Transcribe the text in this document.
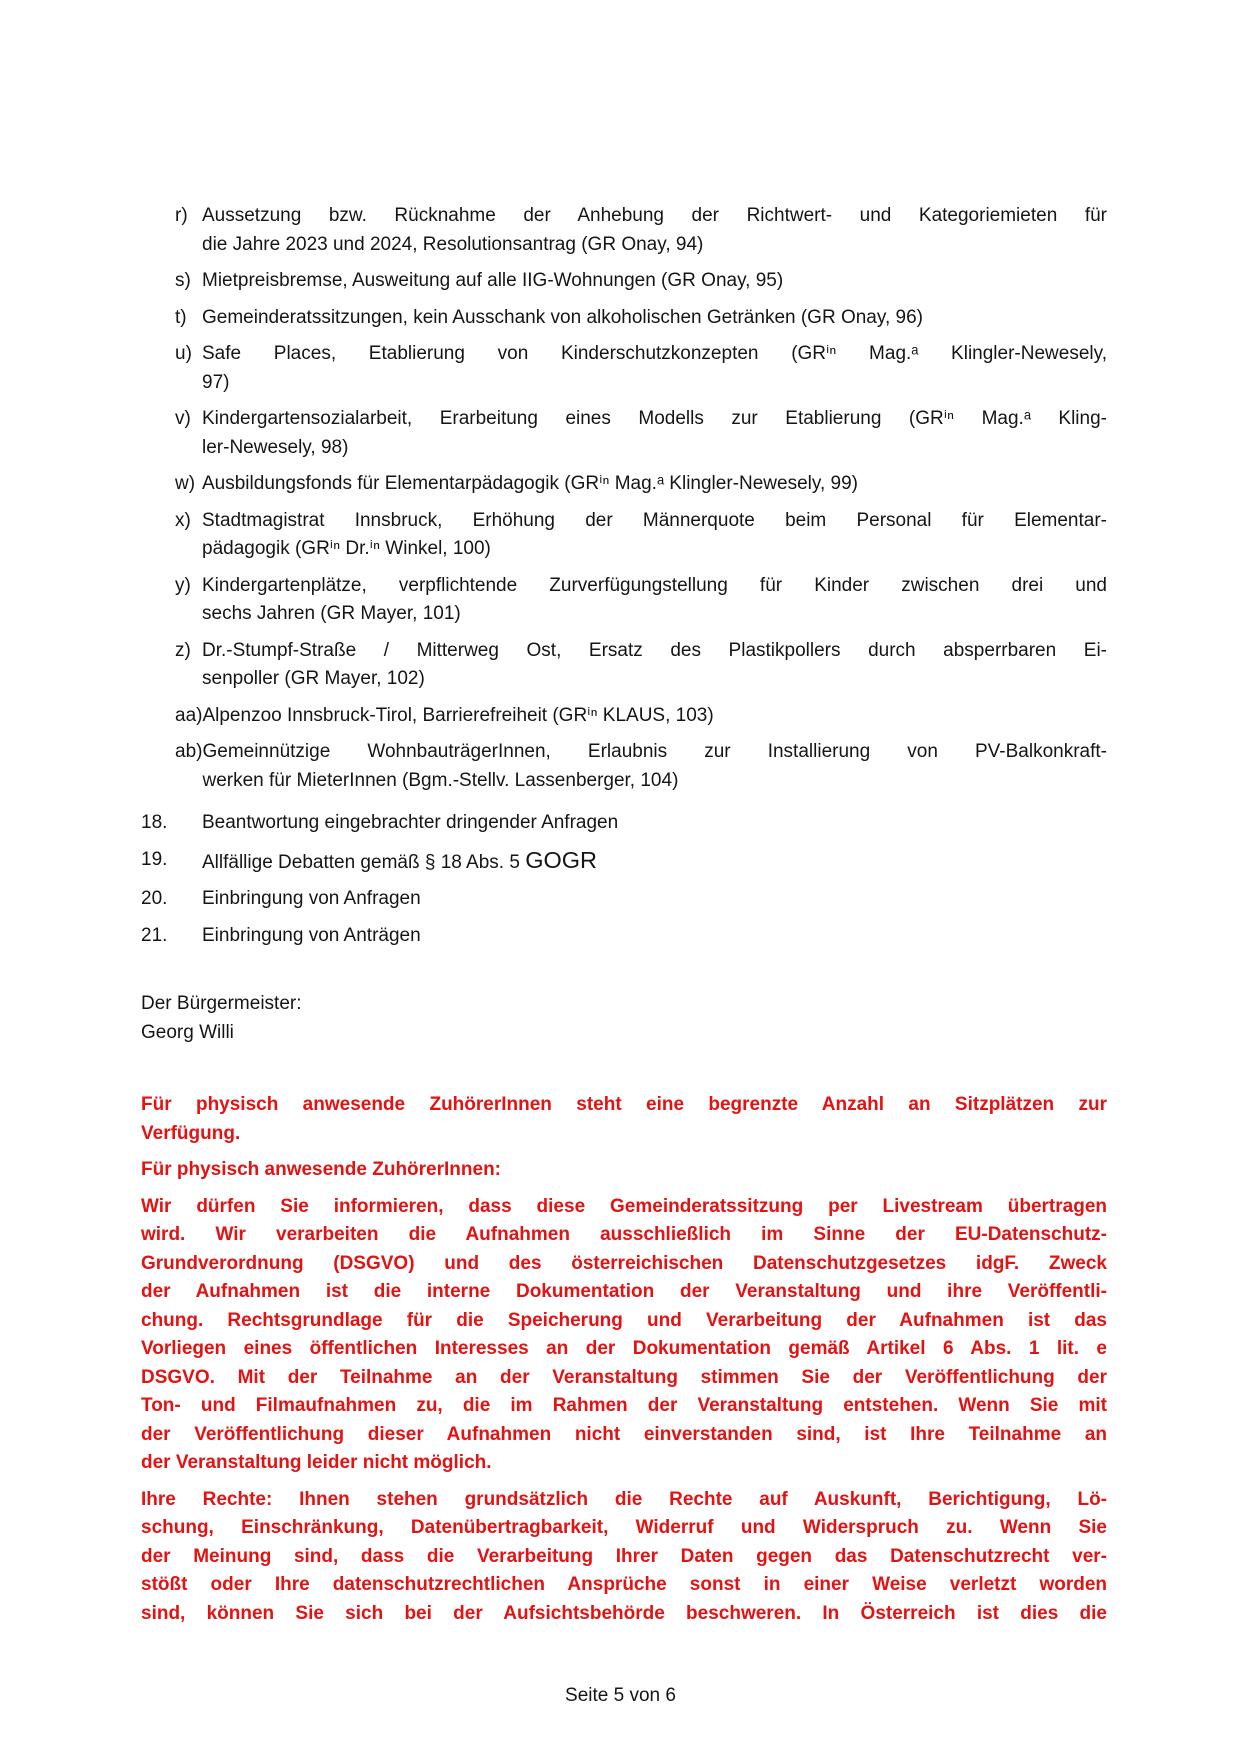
r) Aussetzung bzw. Rücknahme der Anhebung der Richtwert- und Kategoriemieten für
die Jahre 2023 und 2024, Resolutionsantrag (GR Onay, 94)
s) Mietpreisbremse, Ausweitung auf alle IIG-Wohnungen (GR Onay, 95)
t) Gemeinderatssitzungen, kein Ausschank von alkoholischen Getränken (GR Onay, 96)
u) Safe Places, Etablierung von Kinderschutzkonzepten (GRⁱⁿ Mag.ᵃ Klingler-Newesely,
97)
v) Kindergartensozialarbeit, Erarbeitung eines Modells zur Etablierung (GRⁱⁿ Mag.ᵃ Kling-
ler-Newesely, 98)
w) Ausbildungsfonds für Elementarpädagogik (GRⁱⁿ Mag.ᵃ Klingler-Newesely, 99)
x) Stadtmagistrat Innsbruck, Erhöhung der Männerquote beim Personal für Elementar-
pädagogik (GRⁱⁿ Dr.ⁱⁿ Winkel, 100)
y) Kindergartenplätze, verpflichtende Zurverfügungstellung für Kinder zwischen drei und
sechs Jahren (GR Mayer, 101)
z) Dr.-Stumpf-Straße / Mitterweg Ost, Ersatz des Plastikpollers durch absperrbaren Ei-
senpoller (GR Mayer, 102)
aa) Alpenzoo Innsbruck-Tirol, Barrierefreiheit (GRⁱⁿ KLAUS, 103)
ab) Gemeinnützige WohnbauträgerInnen, Erlaubnis zur Installierung von PV-Balkonkraft-
werken für MieterInnen (Bgm.-Stellv. Lassenberger, 104)
18.	Beantwortung eingebrachter dringender Anfragen
19.	Allfällige Debatten gemäß § 18 Abs. 5 GOGR
20.	Einbringung von Anfragen
21.	Einbringung von Anträgen
Der Bürgermeister:
Georg Willi
Für physisch anwesende ZuhörerInnen steht eine begrenzte Anzahl an Sitzplätzen zur
Verfügung.
Für physisch anwesende ZuhörerInnen:
Wir dürfen Sie informieren, dass diese Gemeinderatssitzung per Livestream übertragen
wird. Wir verarbeiten die Aufnahmen ausschließlich im Sinne der EU-Datenschutz-
Grundverordnung (DSGVO) und des österreichischen Datenschutzgesetzes idgF. Zweck
der Aufnahmen ist die interne Dokumentation der Veranstaltung und ihre Veröffentli-
chung. Rechtsgrundlage für die Speicherung und Verarbeitung der Aufnahmen ist das
Vorliegen eines öffentlichen Interesses an der Dokumentation gemäß Artikel 6 Abs. 1 lit. e
DSGVO. Mit der Teilnahme an der Veranstaltung stimmen Sie der Veröffentlichung der
Ton- und Filmaufnahmen zu, die im Rahmen der Veranstaltung entstehen. Wenn Sie mit
der Veröffentlichung dieser Aufnahmen nicht einverstanden sind, ist Ihre Teilnahme an
der Veranstaltung leider nicht möglich.
Ihre Rechte: Ihnen stehen grundsätzlich die Rechte auf Auskunft, Berichtigung, Lö-
schung, Einschränkung, Datenübertragbarkeit, Widerruf und Widerspruch zu. Wenn Sie
der Meinung sind, dass die Verarbeitung Ihrer Daten gegen das Datenschutzrecht ver-
stößt oder Ihre datenschutzrechtlichen Ansprüche sonst in einer Weise verletzt worden
sind, können Sie sich bei der Aufsichtsbehörde beschweren. In Österreich ist dies die
Seite 5 von 6
